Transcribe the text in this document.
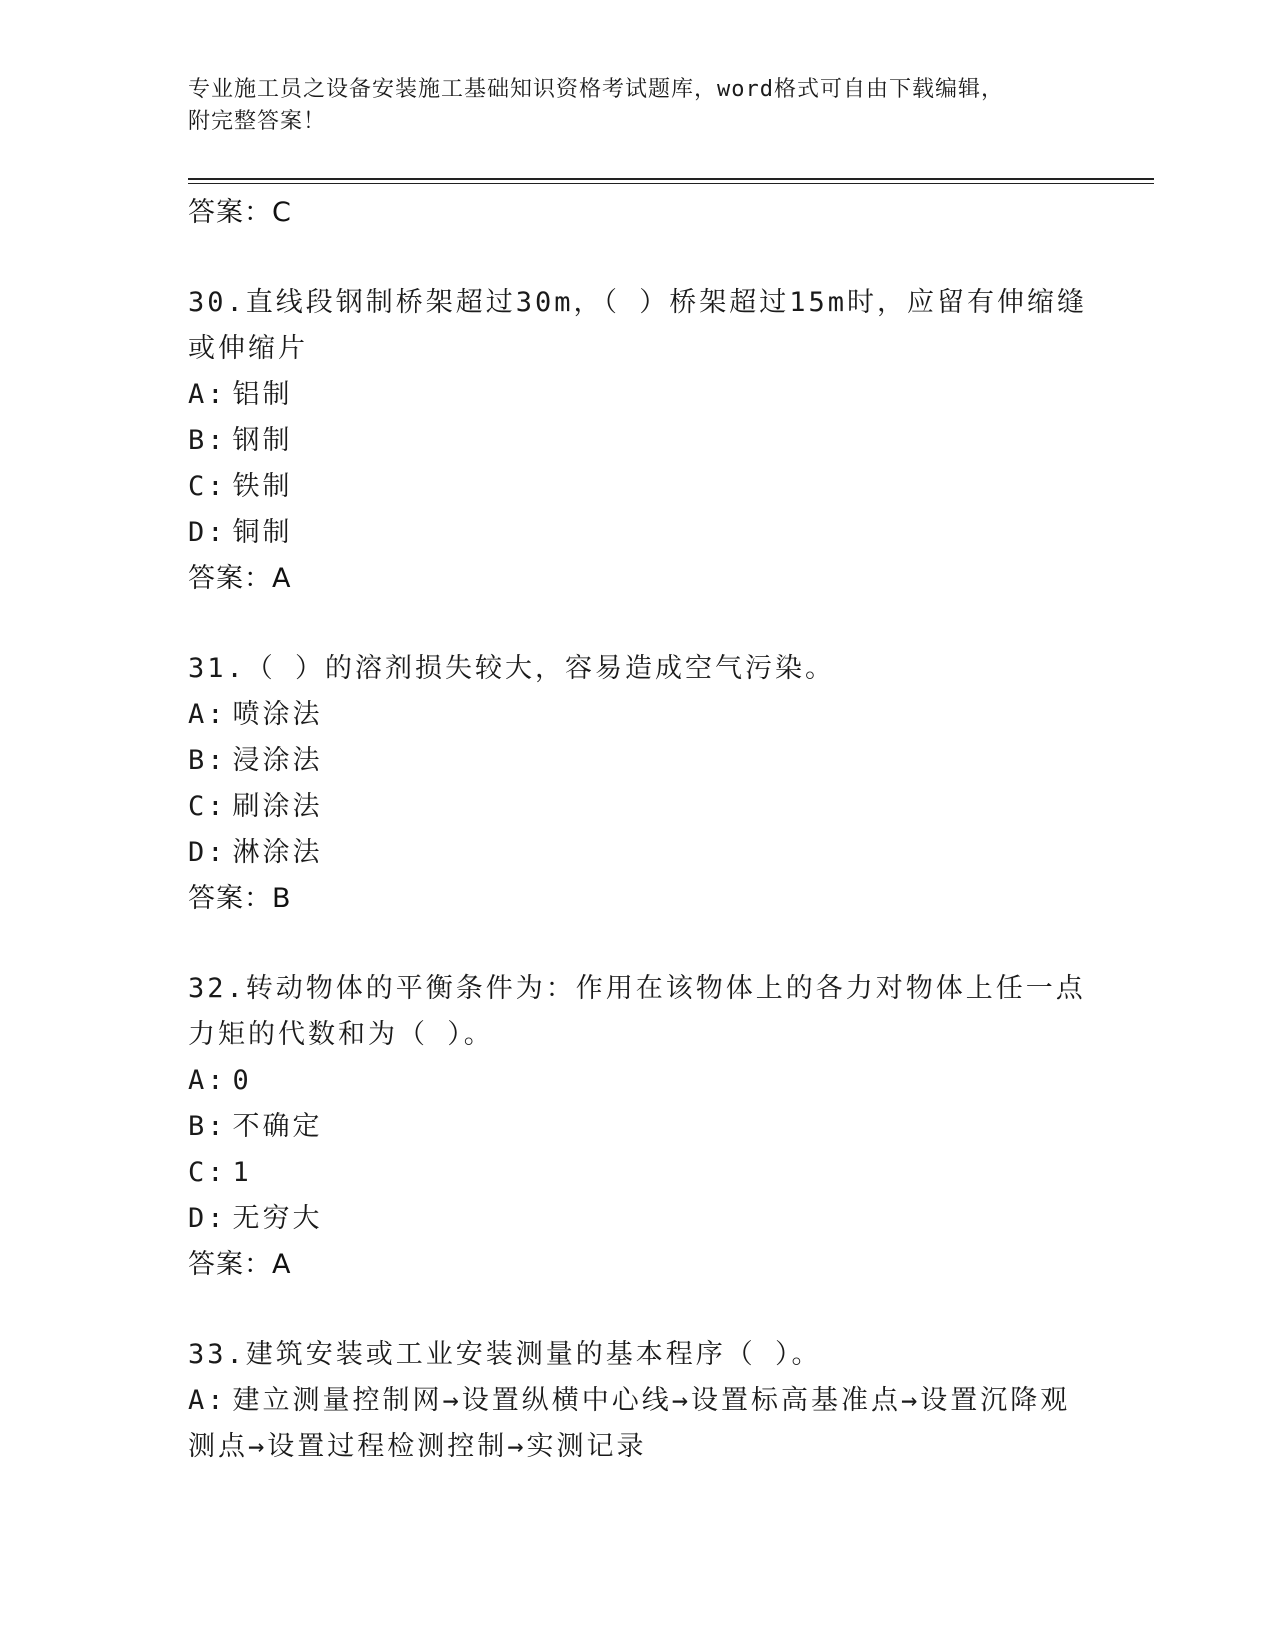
专业施工员之设备安装施工基础知识资格考试题库，word格式可自由下载编辑，
附完整答案！
答案：C
30.直线段钢制桥架超过30m，（ ）桥架超过15m时，应留有伸缩缝或伸缩片
A: 铝制
B: 钢制
C: 铁制
D: 铜制
答案：A
31.（ ）的溶剂损失较大，容易造成空气污染。
A: 喷涂法
B: 浸涂法
C: 刷涂法
D: 淋涂法
答案：B
32.转动物体的平衡条件为：作用在该物体上的各力对物体上任一点力矩的代数和为（ ）。
A: 0
B: 不确定
C: 1
D: 无穷大
答案：A
33.建筑安装或工业安装测量的基本程序（ ）。
A: 建立测量控制网→设置纵横中心线→设置标高基准点→设置沉降观测点→设置过程检测控制→实测记录
